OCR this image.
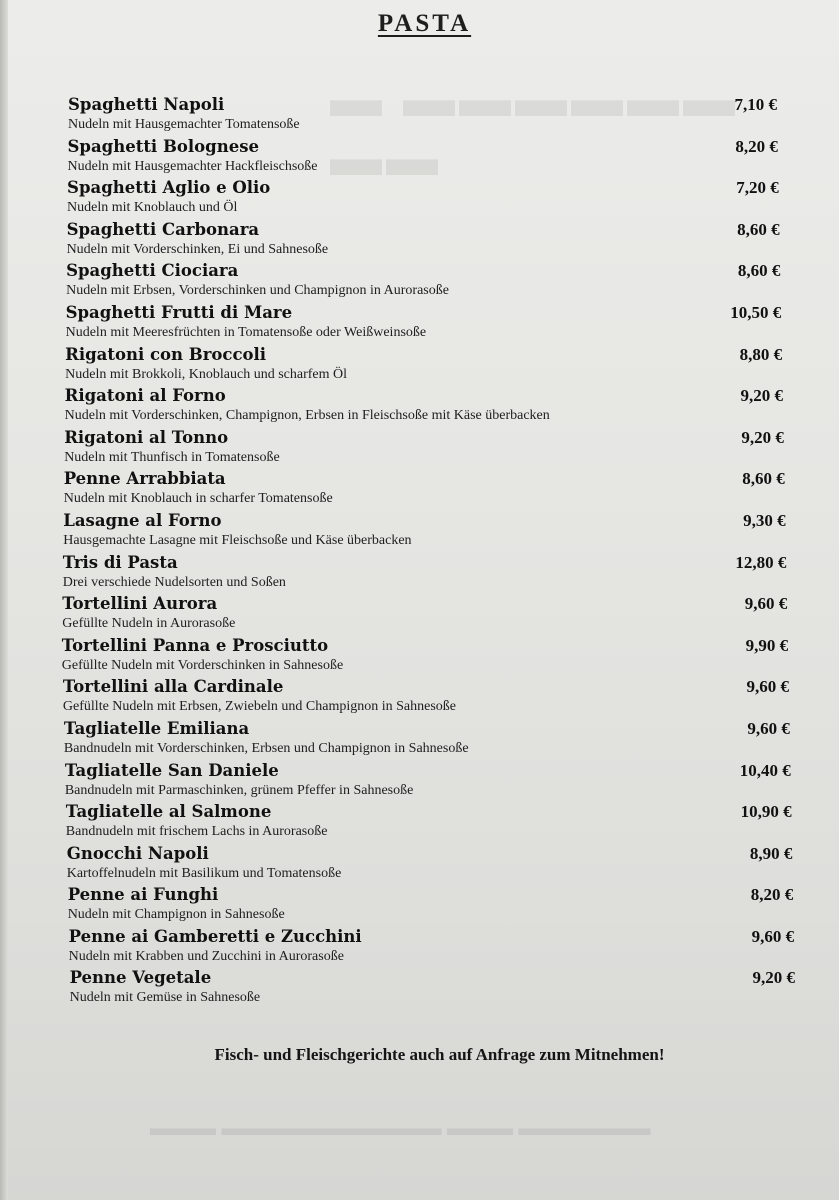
▬ ▬▬▬▬▬▬ ▬▬
▬▬▬ ▬▬▬▬▬▬▬▬▬▬ ▬▬▬ ▬▬▬▬▬▬
PASTA
Spaghetti Napoli
Nudeln mit Hausgemachter Tomatensoße
7,10 €
Spaghetti Bolognese
Nudeln mit Hausgemachter Hackfleischsoße
8,20 €
Spaghetti Aglio e Olio
Nudeln mit Knoblauch und Öl
7,20 €
Spaghetti Carbonara
Nudeln mit Vorderschinken, Ei und Sahnesoße
8,60 €
Spaghetti Ciociara
Nudeln mit Erbsen, Vorderschinken und Champignon in Aurorasoße
8,60 €
Spaghetti Frutti di Mare
Nudeln mit Meeresfrüchten in Tomatensoße oder Weißweinsoße
10,50 €
Rigatoni con Broccoli
Nudeln mit Brokkoli, Knoblauch und scharfem Öl
8,80 €
Rigatoni al Forno
Nudeln mit Vorderschinken, Champignon, Erbsen in Fleischsoße mit Käse überbacken
9,20 €
Rigatoni al Tonno
Nudeln mit Thunfisch in Tomatensoße
9,20 €
Penne Arrabbiata
Nudeln mit Knoblauch in scharfer Tomatensoße
8,60 €
Lasagne al Forno
Hausgemachte Lasagne mit Fleischsoße und Käse überbacken
9,30 €
Tris di Pasta
Drei verschiede Nudelsorten und Soßen
12,80 €
Tortellini Aurora
Gefüllte Nudeln in Aurorasoße
9,60 €
Tortellini Panna e Prosciutto
Gefüllte Nudeln mit Vorderschinken in Sahnesoße
9,90 €
Tortellini alla Cardinale
Gefüllte Nudeln mit Erbsen, Zwiebeln und Champignon in Sahnesoße
9,60 €
Tagliatelle Emiliana
Bandnudeln mit Vorderschinken, Erbsen und Champignon in Sahnesoße
9,60 €
Tagliatelle San Daniele
Bandnudeln mit Parmaschinken, grünem Pfeffer in Sahnesoße
10,40 €
Tagliatelle al Salmone
Bandnudeln mit frischem Lachs in Aurorasoße
10,90 €
Gnocchi Napoli
Kartoffelnudeln mit Basilikum und Tomatensoße
8,90 €
Penne ai Funghi
Nudeln mit Champignon in Sahnesoße
8,20 €
Penne ai Gamberetti e Zucchini
Nudeln mit Krabben und Zucchini in Aurorasoße
9,60 €
Penne Vegetale
Nudeln mit Gemüse in Sahnesoße
9,20 €
Fisch- und Fleischgerichte auch auf Anfrage zum Mitnehmen!
